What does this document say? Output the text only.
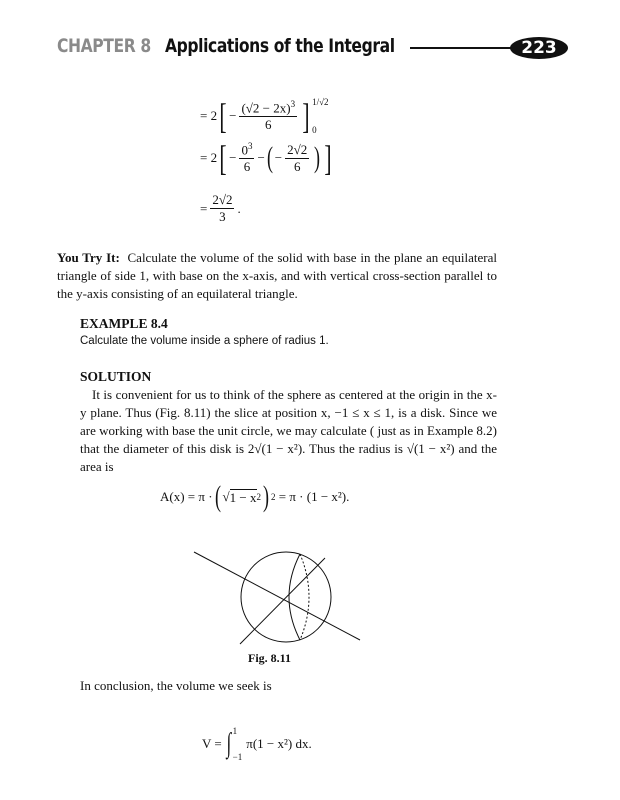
CHAPTER 8 Applications of the Integral	223
= 2 [ − $\frac{(√2 - 2x)^3}{6}$ ] 1/√2
0
= 2 [ − $\frac{0^3}{6}$ − ( − $\frac{2√2}{6}$ ) ]
= $\frac{2√2}{3}$ .
You Try It: Calculate the volume of the solid with base in the plane an equilateral triangle of side 1, with base on the x-axis, and with vertical cross-section parallel to the y-axis consisting of an equilateral triangle.
EXAMPLE 8.4
Calculate the volume inside a sphere of radius 1.
SOLUTION
It is convenient for us to think of the sphere as centered at the origin in the x-y plane. Thus (Fig. 8.11) the slice at position x, −1 ≤ x ≤ 1, is a disk. Since we are working with base the unit circle, we may calculate ( just as in Example 8.2) that the diameter of this disk is 2√(1 − x²). Thus the radius is √(1 − x²) and the area is
A(x) = π · ( √ 1 − x 2 ) 2
= π · (1 − x²).
Fig. 8.11
In conclusion, the volume we seek is
V =
∫ 1
−1
π(1 − x²) dx.
